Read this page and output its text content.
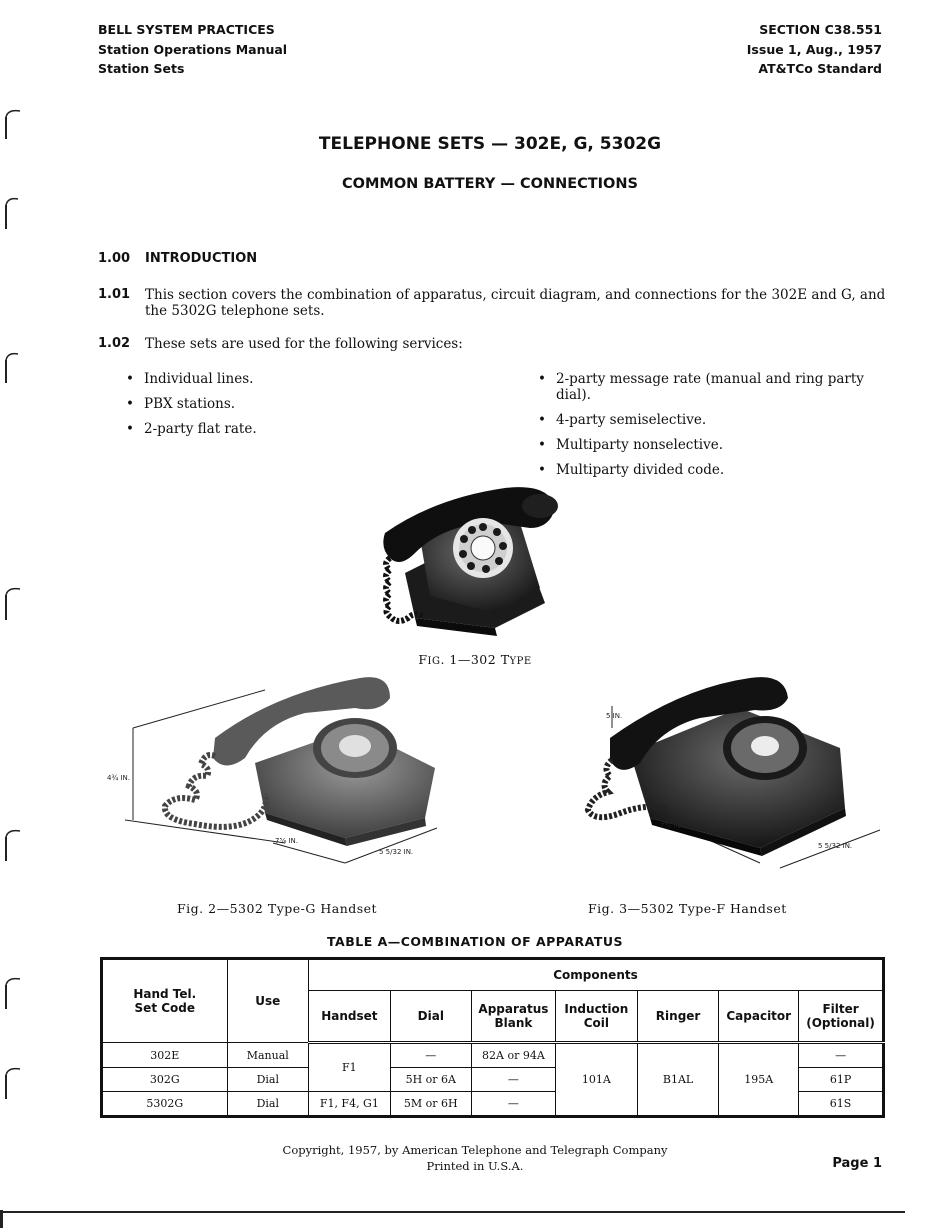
BELL SYSTEM PRACTICES
Station Operations Manual
Station Sets
SECTION C38.551
Issue 1, Aug., 1957
AT&TCo Standard
TELEPHONE SETS — 302E, G, 5302G
COMMON BATTERY — CONNECTIONS
1.00 INTRODUCTION
1.01 This section covers the combination of apparatus, circuit diagram, and connections for the 302E and G, and the 5302G telephone sets.
1.02 These sets are used for the following services:
• Individual lines.
• PBX stations.
• 2-party flat rate.
• 2-party message rate (manual and ring party dial).
• 4-party semiselective.
• Multiparty nonselective.
• Multiparty divided code.
FIG. 1—302 TYPE
4¾ IN.
7⅝ IN.
5 5/32 IN.
5 IN.
7⅝ IN.
5 5/32 IN.
Fig. 2—5302 Type-G Handset	Fig. 3—5302 Type-F Handset
TABLE A—COMBINATION OF APPARATUS
Hand Tel. Set Code	Use	Components						
		Handset	Dial	Apparatus Blank	Induction Coil	Ringer	Capacitor	Filter (Optional)
302E	Manual	F1	—	82A or 94A	101A	B1AL	195A	—
302G	Dial		5H or 6A	—				61P
5302G	Dial	F1, F4, G1	5M or 6H	—				61S
Copyright, 1957, by American Telephone and Telegraph Company
Printed in U.S.A.	Page 1
